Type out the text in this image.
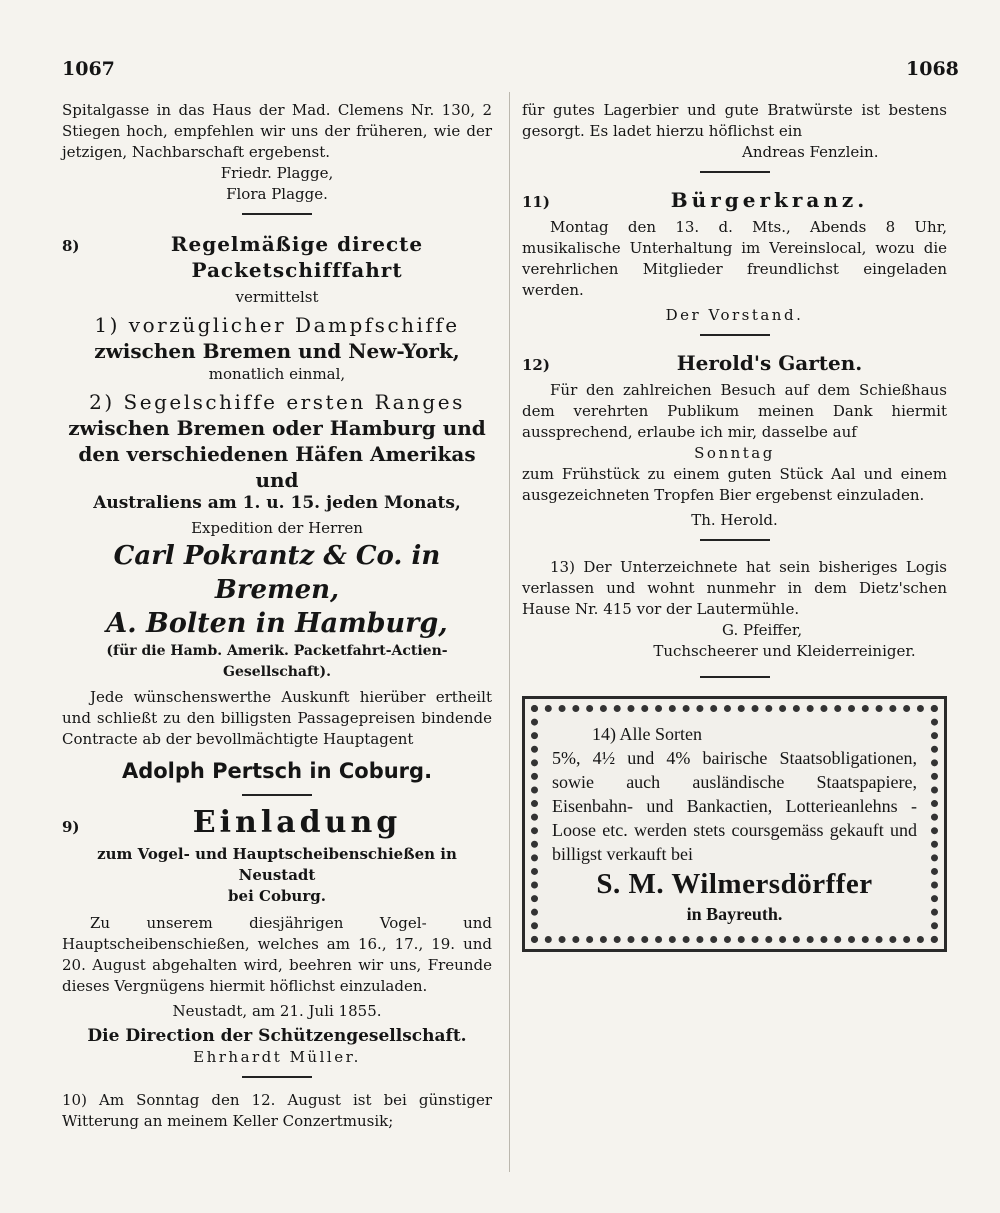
1067	1068

Spitalgasse in das Haus der Mad. Clemens Nr. 130, 2 Stiegen hoch, empfehlen wir uns der früheren, wie der jetzigen, Nachbarschaft ergebenst.

Friedr. Plagge,

Flora Plagge.

8)	Regelmäßige directe Packetschifffahrt

vermittelst

1) vorzüglicher Dampfschiffe

zwischen Bremen und New-York,

monatlich einmal,

2) Segelschiffe ersten Ranges

zwischen Bremen oder Hamburg und

den verschiedenen Häfen Amerikas und

Australiens am 1. u. 15. jeden Monats,

Expedition der Herren

Carl Pokrantz & Co. in Bremen,

A. Bolten in Hamburg,

(für die Hamb. Amerik. Packetfahrt-Actien-Gesellschaft).

Jede wünschenswerthe Auskunft hierüber ertheilt und schließt zu den billigsten Passagepreisen bindende Contracte ab der bevollmächtigte Hauptagent

Adolph Pertsch in Coburg.

9)	Einladung

zum Vogel- und Hauptscheibenschießen in Neustadt

bei Coburg.

Zu unserem diesjährigen Vogel- und Hauptscheibenschießen, welches am 16., 17., 19. und 20. August abgehalten wird, beehren wir uns, Freunde dieses Vergnügens hiermit höflichst einzuladen.

Neustadt, am 21. Juli 1855.

Die Direction der Schützengesellschaft.

Ehrhardt Müller.

10) Am Sonntag den 12. August ist bei günstiger Witterung an meinem Keller Conzertmusik;

für gutes Lagerbier und gute Bratwürste ist bestens gesorgt. Es ladet hierzu höflichst ein

Andreas Fenzlein.

11)	Bürgerkranz.

Montag den 13. d. Mts., Abends 8 Uhr, musikalische Unterhaltung im Vereinslocal, wozu die verehrlichen Mitglieder freundlichst eingeladen werden.

Der Vorstand.

12)	Herold's Garten.

Für den zahlreichen Besuch auf dem Schießhaus dem verehrten Publikum meinen Dank hiermit aussprechend, erlaube ich mir, dasselbe auf

Sonntag

zum Frühstück zu einem guten Stück Aal und einem ausgezeichneten Tropfen Bier ergebenst einzuladen.

Th. Herold.

13) Der Unterzeichnete hat sein bisheriges Logis verlassen und wohnt nunmehr in dem Dietz'schen Hause Nr. 415 vor der Lautermühle.

G. Pfeiffer,

Tuchscheerer und Kleiderreiniger.

14) Alle Sorten

5%, 4½ und 4% bairische Staatsobligationen, sowie auch ausländische Staatspapiere, Eisenbahn- und Bankactien, Lotterieanlehns - Loose etc. werden stets coursgemäss gekauft und billigst verkauft bei

S. M. Wilmersdörffer

in Bayreuth.
